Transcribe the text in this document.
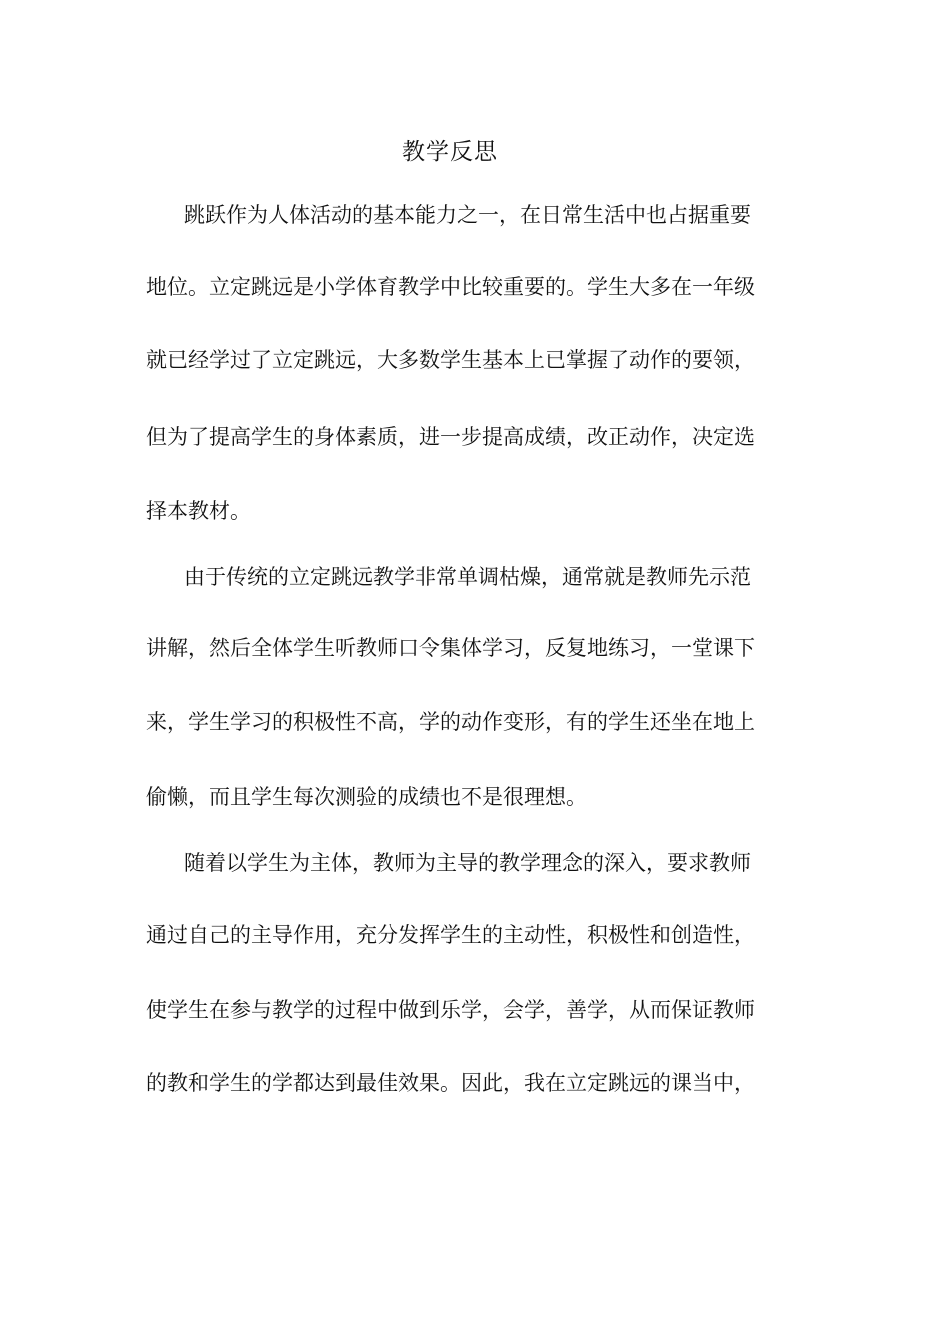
教学反思
跳跃作为人体活动的基本能力之一，在日常生活中也占据重要
地位。立定跳远是小学体育教学中比较重要的。学生大多在一年级
就已经学过了立定跳远，大多数学生基本上已掌握了动作的要领，
但为了提高学生的身体素质，进一步提高成绩，改正动作，决定选
择本教材。
由于传统的立定跳远教学非常单调枯燥，通常就是教师先示范
讲解，然后全体学生听教师口令集体学习，反复地练习，一堂课下
来，学生学习的积极性不高，学的动作变形，有的学生还坐在地上
偷懒，而且学生每次测验的成绩也不是很理想。
随着以学生为主体，教师为主导的教学理念的深入，要求教师
通过自己的主导作用，充分发挥学生的主动性，积极性和创造性，
使学生在参与教学的过程中做到乐学，会学，善学，从而保证教师
的教和学生的学都达到最佳效果。因此，我在立定跳远的课当中，
